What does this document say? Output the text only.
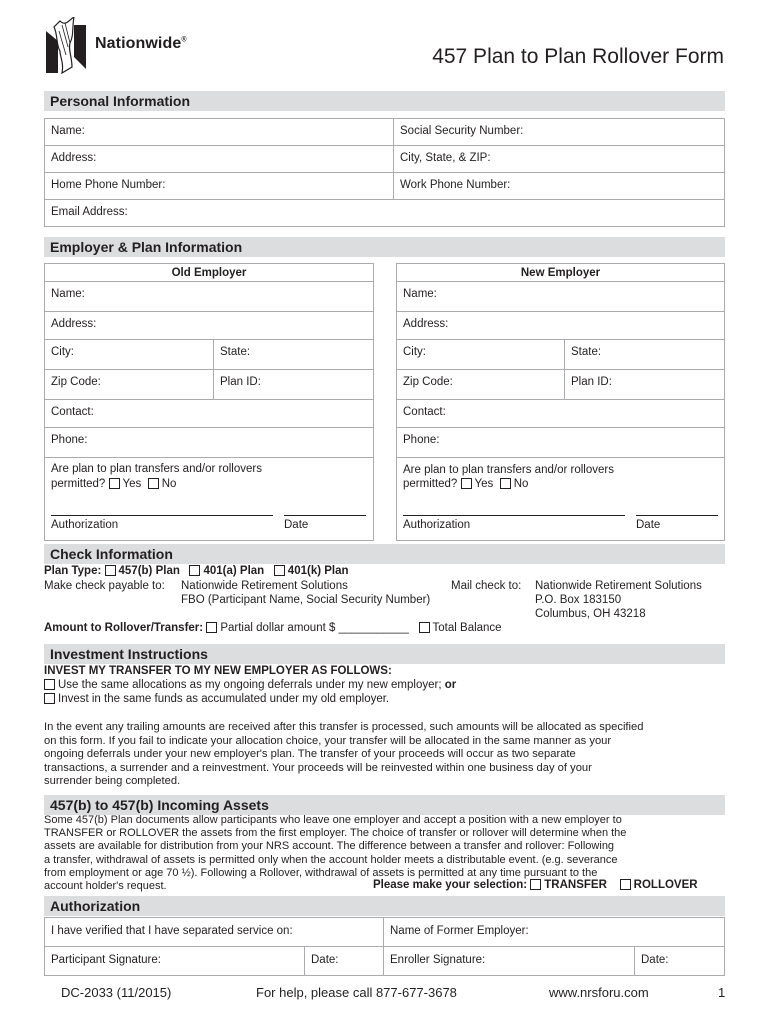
Nationwide®
457 Plan to Plan Rollover Form
Personal Information
Name:	Social Security Number:
Address:	City, State, & ZIP:
Home Phone Number:	Work Phone Number:
Email Address:
Employer & Plan Information
Old Employer
Name:
Address:
City:	State:
Zip Code:	Plan ID:
Contact:
Phone:
Are plan to plan transfers and/or rollovers
permitted? Yes No
Authorization	Date
New Employer
Name:
Address:
City:	State:
Zip Code:	Plan ID:
Contact:
Phone:
Are plan to plan transfers and/or rollovers
permitted? Yes No
Authorization	Date
Check Information
Plan Type: 457(b) Plan 401(a) Plan 401(k) Plan
Make check payable to: Nationwide Retirement Solutions
FBO (Participant Name, Social Security Number)
Mail check to: Nationwide Retirement Solutions
P.O. Box 183150
Columbus, OH 43218
Amount to Rollover/Transfer: Partial dollar amount $ ___________ Total Balance
Investment Instructions
INVEST MY TRANSFER TO MY NEW EMPLOYER AS FOLLOWS:
Use the same allocations as my ongoing deferrals under my new employer; or
Invest in the same funds as accumulated under my old employer.
In the event any trailing amounts are received after this transfer is processed, such amounts will be allocated as specified
on this form. If you fail to indicate your allocation choice, your transfer will be allocated in the same manner as your
ongoing deferrals under your new employer's plan. The transfer of your proceeds will occur as two separate
transactions, a surrender and a reinvestment. Your proceeds will be reinvested within one business day of your
surrender being completed.
457(b) to 457(b) Incoming Assets
Some 457(b) Plan documents allow participants who leave one employer and accept a position with a new employer to
TRANSFER or ROLLOVER the assets from the first employer. The choice of transfer or rollover will determine when the
assets are available for distribution from your NRS account. The difference between a transfer and rollover: Following
a transfer, withdrawal of assets is permitted only when the account holder meets a distributable event. (e.g. severance
from employment or age 70 ½). Following a Rollover, withdrawal of assets is permitted at any time pursuant to the
account holder's request.	Please make your selection: TRANSFER ROLLOVER
Authorization
I have verified that I have separated service on:	Name of Former Employer:
Participant Signature:	Date:	Enroller Signature:	Date:
DC-2033 (11/2015)	For help, please call 877-677-3678	www.nrsforu.com	1
